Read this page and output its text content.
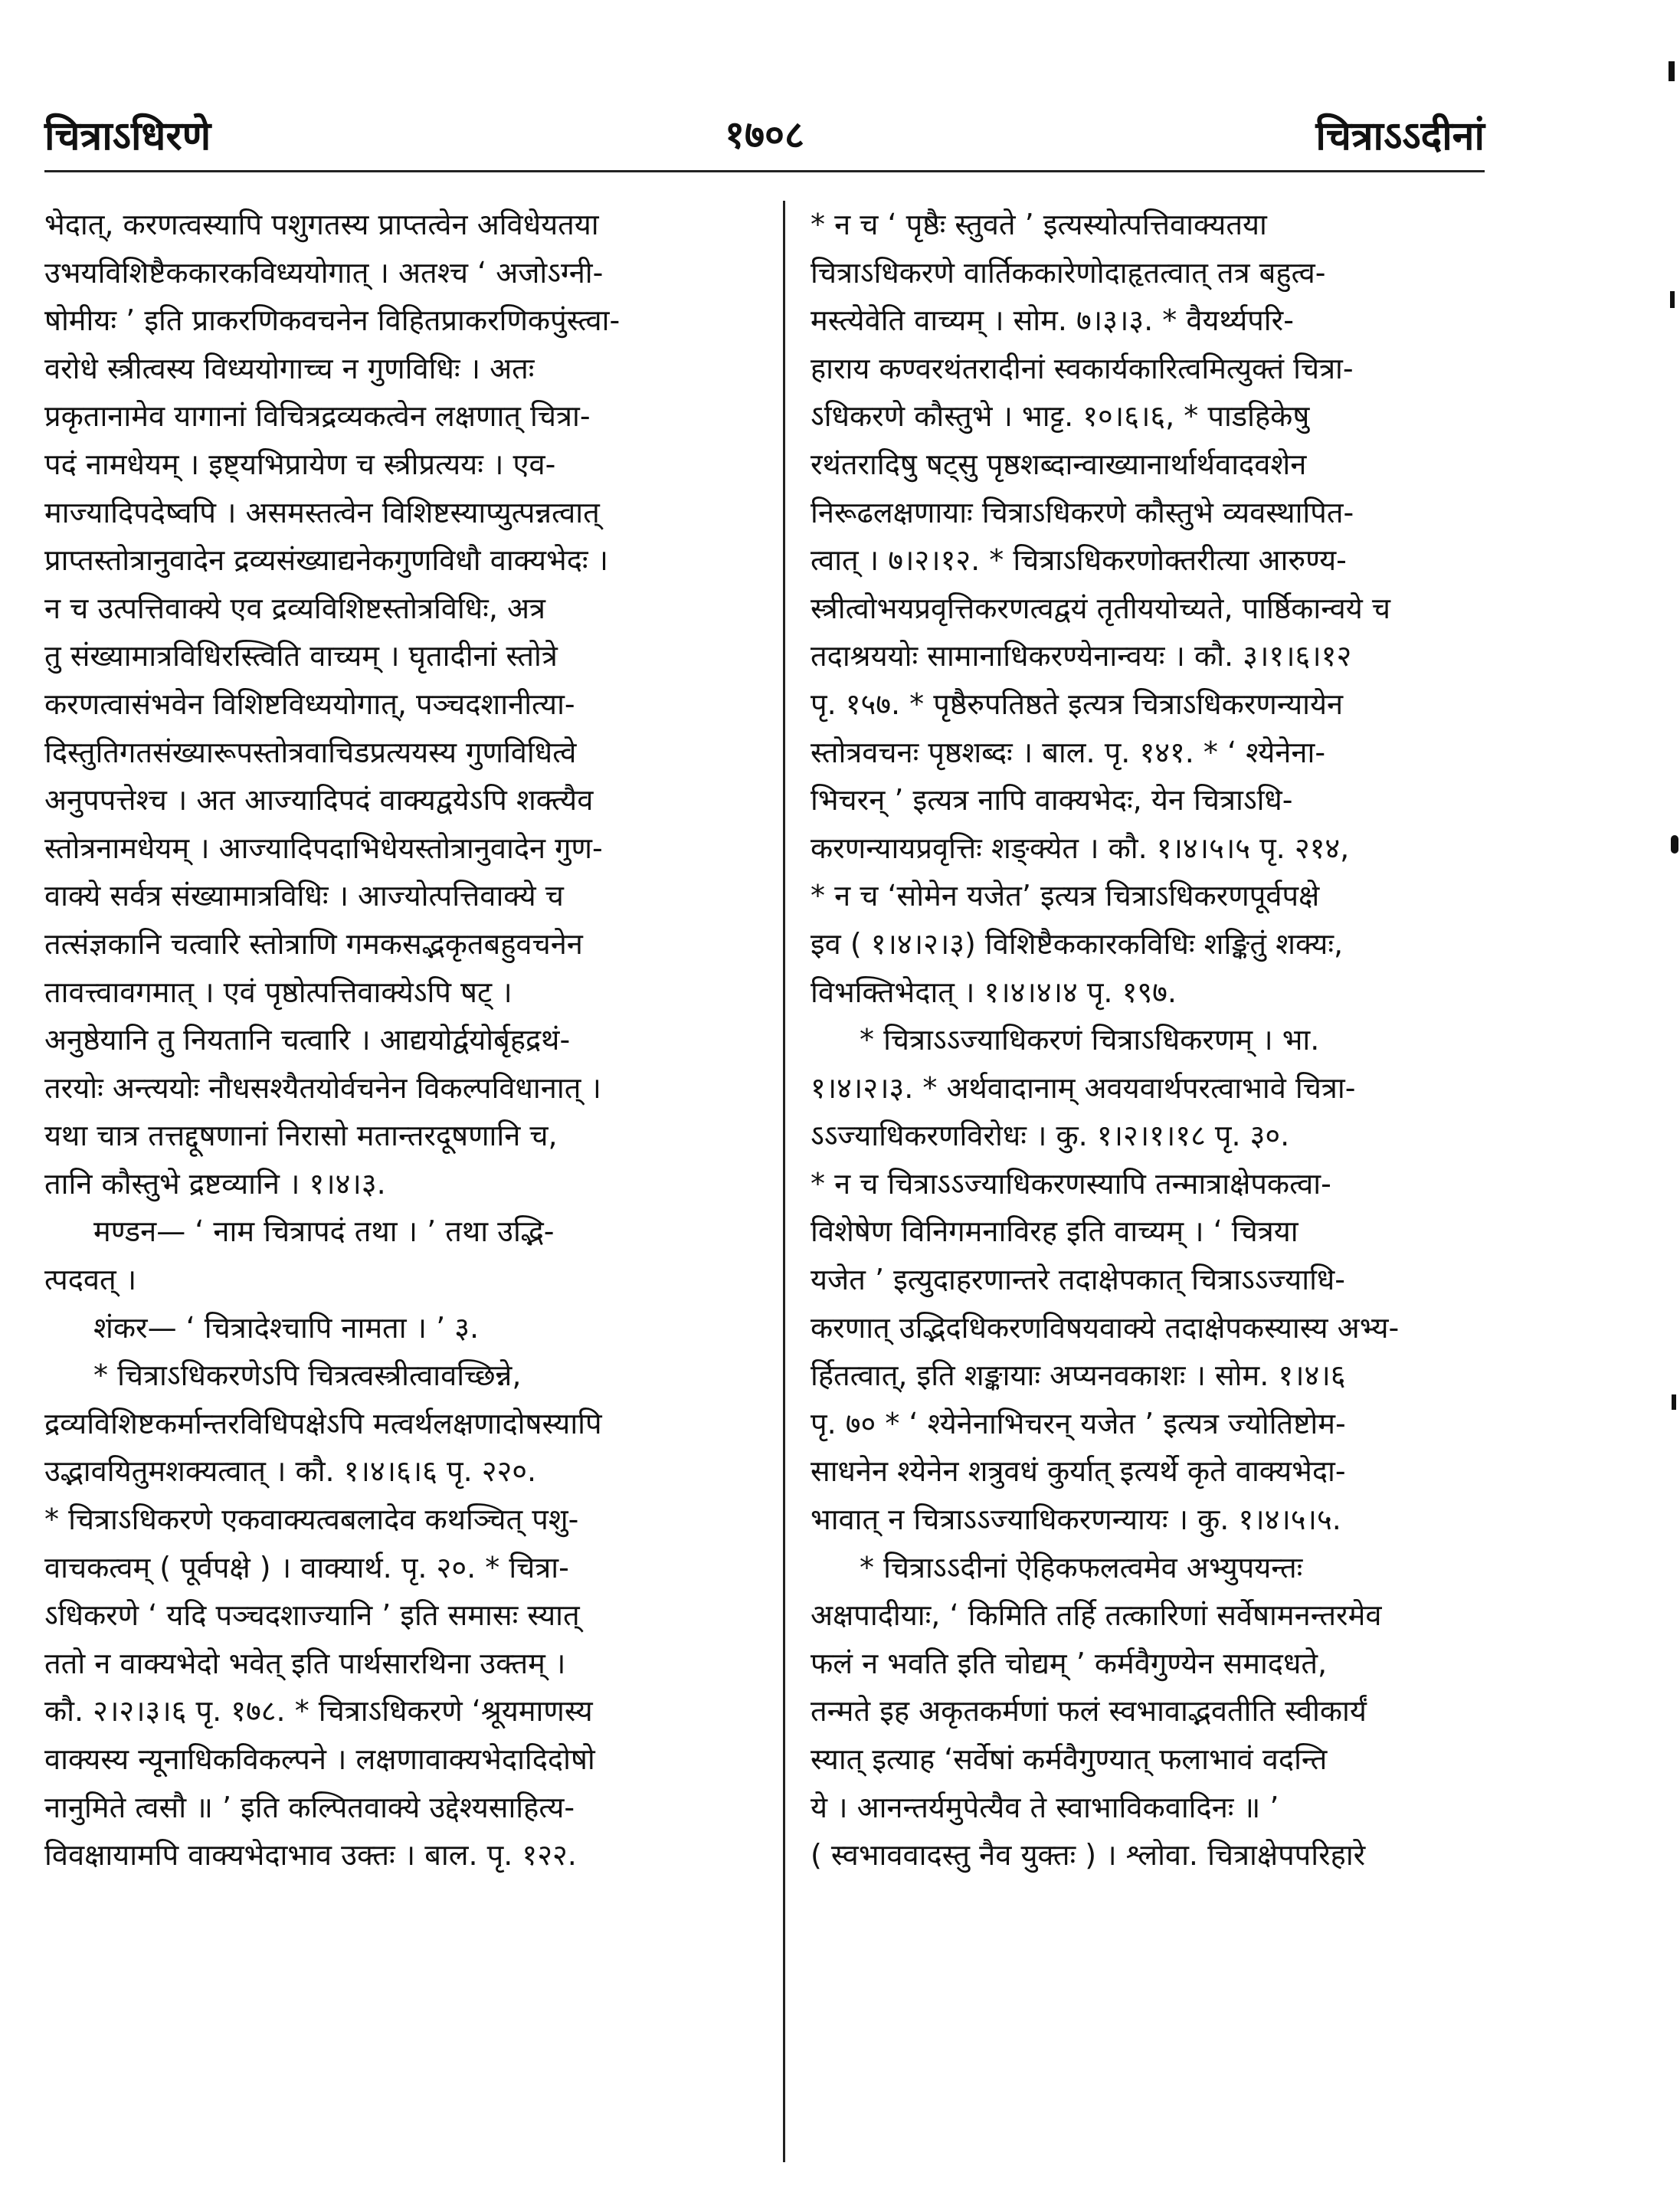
चित्राऽधिरणे	१७०८	चित्राऽऽदीनां
भेदात्, करणत्वस्यापि पशुगतस्य प्राप्तत्वेन अविधेयतया
उभयविशिष्टैककारकविध्ययोगात् । अतश्च ‘ अजोऽग्नी-
षोमीयः ’ इति प्राकरणिकवचनेन विहितप्राकरणिकपुंस्त्वा-
वरोधे स्त्रीत्वस्य विध्ययोगाच्च न गुणविधिः । अतः
प्रकृतानामेव यागानां विचित्रद्रव्यकत्वेन लक्षणात् चित्रा-
पदं नामधेयम् । इष्ट्यभिप्रायेण च स्त्रीप्रत्ययः । एव-
माज्यादिपदेष्वपि । असमस्तत्वेन विशिष्टस्याप्युत्पन्नत्वात्
प्राप्तस्तोत्रानुवादेन द्रव्यसंख्याद्यनेकगुणविधौ वाक्यभेदः ।
न च उत्पत्तिवाक्ये एव द्रव्यविशिष्टस्तोत्रविधिः, अत्र
तु संख्यामात्रविधिरस्त्विति वाच्यम् । घृतादीनां स्तोत्रे
करणत्वासंभवेन विशिष्टविध्ययोगात्, पञ्चदशानीत्या-
दिस्तुतिगतसंख्यारूपस्तोत्रवाचिडप्रत्ययस्य गुणविधित्वे
अनुपपत्तेश्च । अत आज्यादिपदं वाक्यद्वयेऽपि शक्त्यैव
स्तोत्रनामधेयम् । आज्यादिपदाभिधेयस्तोत्रानुवादेन गुण-
वाक्ये सर्वत्र संख्यामात्रविधिः । आज्योत्पत्तिवाक्ये च
तत्संज्ञकानि चत्वारि स्तोत्राणि गमकसद्भकृतबहुवचनेन
तावत्त्वावगमात् । एवं पृष्ठोत्पत्तिवाक्येऽपि षट् ।
अनुष्ठेयानि तु नियतानि चत्वारि । आद्ययोर्द्वयोर्बृहद्रथं-
तरयोः अन्त्ययोः नौधसश्यैतयोर्वचनेन विकल्पविधानात् ।
यथा चात्र तत्तद्दूषणानां निरासो मतान्तरदूषणानि च,
तानि कौस्तुभे द्रष्टव्यानि । १।४।३.
मण्डन— ‘ नाम चित्रापदं तथा । ’ तथा उद्भि-
त्पदवत् ।
शंकर— ‘ चित्रादेश्चापि नामता । ’ ३.
* चित्राऽधिकरणेऽपि चित्रत्वस्त्रीत्वावच्छिन्ने,
द्रव्यविशिष्टकर्मान्तरविधिपक्षेऽपि मत्वर्थलक्षणादोषस्यापि
उद्भावयितुमशक्यत्वात् । कौ. १।४।६।६ पृ. २२०.
* चित्राऽधिकरणे एकवाक्यत्वबलादेव कथञ्चित् पशु-
वाचकत्वम् ( पूर्वपक्षे ) । वाक्यार्थ. पृ. २०. * चित्रा-
ऽधिकरणे ‘ यदि पञ्चदशाज्यानि ’ इति समासः स्यात्
ततो न वाक्यभेदो भवेत् इति पार्थसारथिना उक्तम् ।
कौ. २।२।३।६ पृ. १७८. * चित्राऽधिकरणे ‘श्रूयमाणस्य
वाक्यस्य न्यूनाधिकविकल्पने । लक्षणावाक्यभेदादिदोषो
नानुमिते त्वसौ ॥ ’ इति कल्पितवाक्ये उद्देश्यसाहित्य-
विवक्षायामपि वाक्यभेदाभाव उक्तः । बाल. पृ. १२२.
* न च ‘ पृष्ठैः स्तुवते ’ इत्यस्योत्पत्तिवाक्यतया
चित्राऽधिकरणे वार्तिककारेणोदाहृतत्वात् तत्र बहुत्व-
मस्त्येवेति वाच्यम् । सोम. ७।३।३. * वैयर्थ्यपरि-
हाराय कण्वरथंतरादीनां स्वकार्यकारित्वमित्युक्तं चित्रा-
ऽधिकरणे कौस्तुभे । भाट्ट. १०।६।६, * पाडहिकेषु
रथंतरादिषु षट्सु पृष्ठशब्दान्वाख्यानार्थार्थवादवशेन
निरूढलक्षणायाः चित्राऽधिकरणे कौस्तुभे व्यवस्थापित-
त्वात् । ७।२।१२. * चित्राऽधिकरणोक्तरीत्या आरुण्य-
स्त्रीत्वोभयप्रवृत्तिकरणत्वद्वयं तृतीययोच्यते, पार्ष्ठिकान्वये च
तदाश्रययोः सामानाधिकरण्येनान्वयः । कौ. ३।१।६।१२
पृ. १५७. * पृष्ठैरुपतिष्ठते इत्यत्र चित्राऽधिकरणन्यायेन
स्तोत्रवचनः पृष्ठशब्दः । बाल. पृ. १४१. * ‘ श्येनेना-
भिचरन् ’ इत्यत्र नापि वाक्यभेदः, येन चित्राऽधि-
करणन्यायप्रवृत्तिः शङ्क्येत । कौ. १।४।५।५ पृ. २१४,
* न च ‘सोमेन यजेत’ इत्यत्र चित्राऽधिकरणपूर्वपक्षे
इव ( १।४।२।३) विशिष्टैककारकविधिः शङ्कितुं शक्यः,
विभक्तिभेदात् । १।४।४।४ पृ. १९७.
* चित्राऽऽज्याधिकरणं चित्राऽधिकरणम् । भा.
१।४।२।३. * अर्थवादानाम् अवयवार्थपरत्वाभावे चित्रा-
ऽऽज्याधिकरणविरोधः । कु. १।२।१।१८ पृ. ३०.
* न च चित्राऽऽज्याधिकरणस्यापि तन्मात्राक्षेपकत्वा-
विशेषेण विनिगमनाविरह इति वाच्यम् । ‘ चित्रया
यजेत ’ इत्युदाहरणान्तरे तदाक्षेपकात् चित्राऽऽज्याधि-
करणात् उद्भिदधिकरणविषयवाक्ये तदाक्षेपकस्यास्य अभ्य-
र्हितत्वात्, इति शङ्कायाः अप्यनवकाशः । सोम. १।४।६
पृ. ७० * ‘ श्येनेनाभिचरन् यजेत ’ इत्यत्र ज्योतिष्टोम-
साधनेन श्येनेन शत्रुवधं कुर्यात् इत्यर्थे कृते वाक्यभेदा-
भावात् न चित्राऽऽज्याधिकरणन्यायः । कु. १।४।५।५.
* चित्राऽऽदीनां ऐहिकफलत्वमेव अभ्युपयन्तः
अक्षपादीयाः, ‘ किमिति तर्हि तत्कारिणां सर्वेषामनन्तरमेव
फलं न भवति इति चोद्यम् ’ कर्मवैगुण्येन समादधते,
तन्मते इह अकृतकर्मणां फलं स्वभावाद्भवतीति स्वीकार्यं
स्यात् इत्याह ‘सर्वेषां कर्मवैगुण्यात् फलाभावं वदन्ति
ये । आनन्तर्यमुपेत्यैव ते स्वाभाविकवादिनः ॥ ’
( स्वभाववादस्तु नैव युक्तः ) । श्लोवा. चित्राक्षेपपरिहारे
